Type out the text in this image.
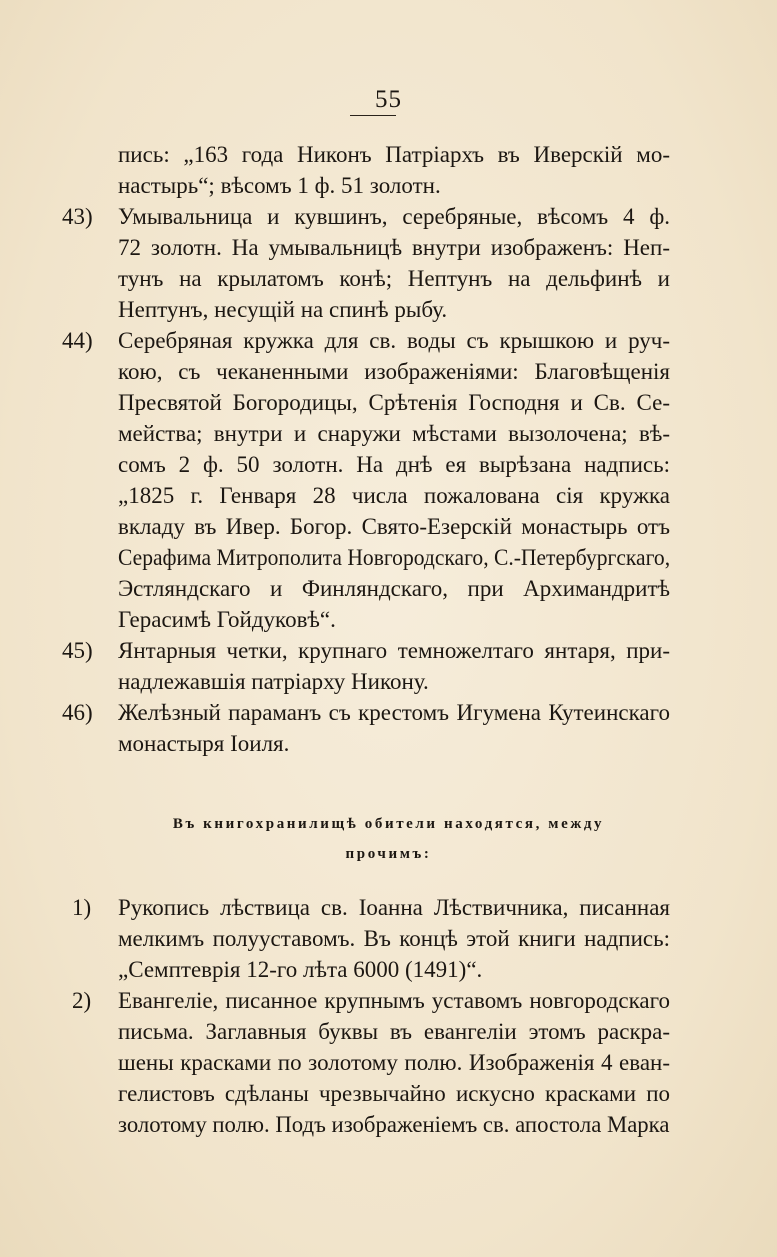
55
пись: „163 года Никонъ Патріархъ въ Иверскій мо-
настырь“; вѣсомъ 1 ф. 51 золотн.
43)	Умывальница и кувшинъ, серебряные, вѣсомъ 4 ф.
72 золотн. На умывальницѣ внутри изображенъ: Неп-
тунъ на крылатомъ конѣ; Нептунъ на дельфинѣ и
Нептунъ, несущій на спинѣ рыбу.
44)	Серебряная кружка для св. воды съ крышкою и руч-
кою, съ чеканенными изображеніями: Благовѣщенія
Пресвятой Богородицы, Срѣтенія Господня и Св. Се-
мейства; внутри и снаружи мѣстами вызолочена; вѣ-
сомъ 2 ф. 50 золотн. На днѣ ея вырѣзана надпись:
„1825 г. Генваря 28 числа пожалована сія кружка
вкладу въ Ивер. Богор. Свято-Езерскій монастырь отъ
Серафима Митрополита Новгородскаго, С.-Петербургскаго,
Эстляндскаго и Финляндскаго, при Архимандритѣ
Герасимѣ Гойдуковѣ“.
45)	Янтарныя четки, крупнаго темножелтаго янтаря, при-
надлежавшія патріарху Никону.
46)	Желѣзный параманъ съ крестомъ Игумена Кутеинскаго
монастыря Іоиля.
Въ книгохранилищѣ обители находятся, между
прочимъ:
1)	Рукопись лѣствица св. Іоанна Лѣствичника, писанная
мелкимъ полууставомъ. Въ концѣ этой книги надпись:
„Семптеврія 12-го лѣта 6000 (1491)“.
2)	Евангеліе, писанное крупнымъ уставомъ новгородскаго
письма. Заглавныя буквы въ евангеліи этомъ раскра-
шены красками по золотому полю. Изображенія 4 еван-
гелистовъ сдѣланы чрезвычайно искусно красками по
золотому полю. Подъ изображеніемъ св. апостола Марка
